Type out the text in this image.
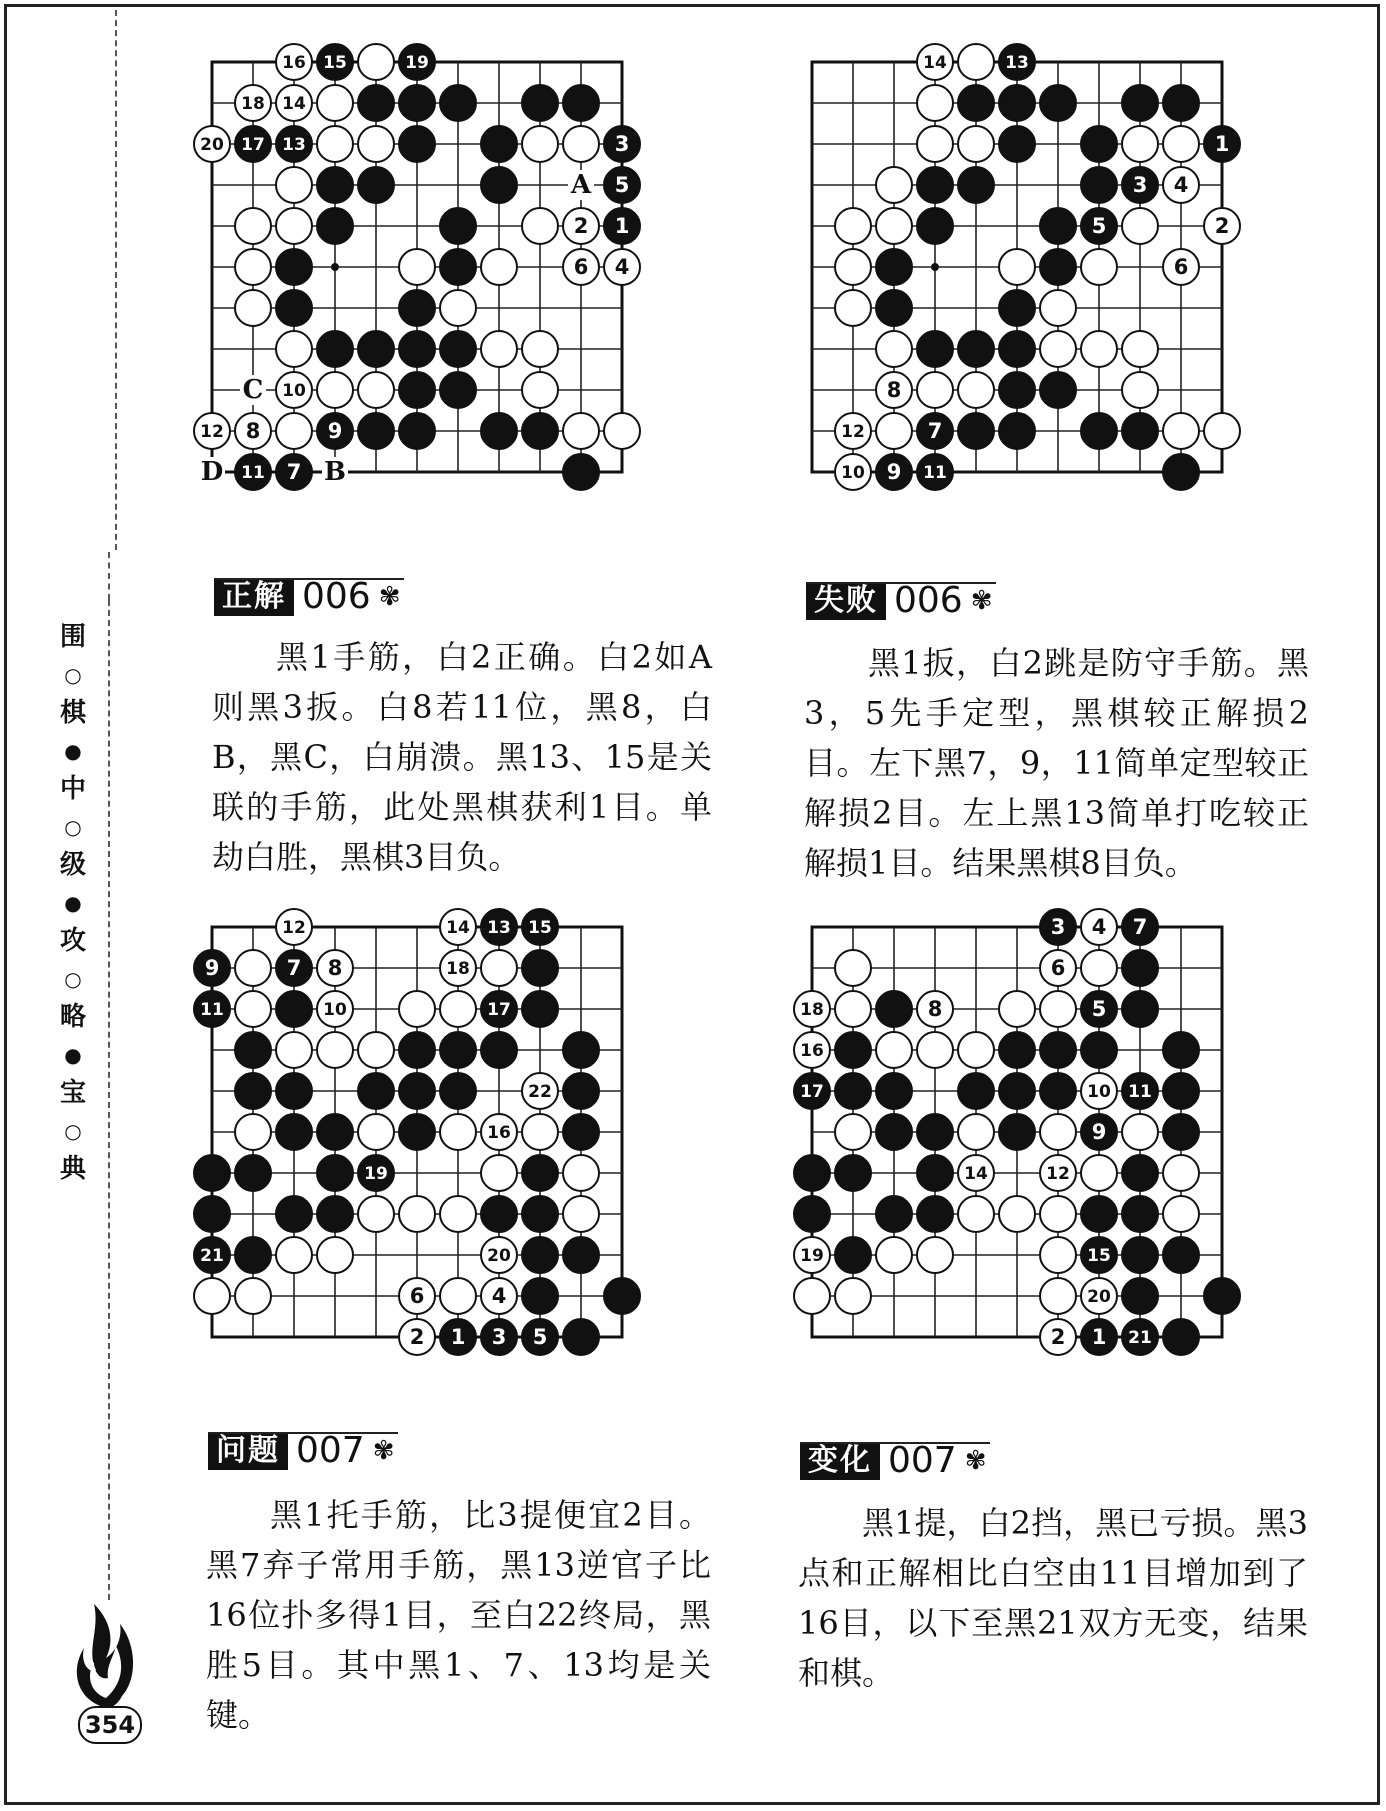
围
○
棋
●
中
○
级
●
攻
○
略
●
宝
○
典
16 15	19
18 14
20 17 13	3
5
2 1
6 4
10
12 8	9
11 7
A
C
D	B
14	13
1
3 4
5	2
6
8
12	7
10 9 11
12	14 13 15
9	7 8	18
11	10	17
22
16
19
21	20
6	4
2 1 3 5
3 4 7
6
18	8	5
16
17	10 11
9
14	12
19	15
20
2 1 21
正解 006 ✾	失败 006 ✾
问题 007 ✾	变化 007 ✾
黑1手筋，白2正确。白2如A则黑3扳。白8若11位，黑8，白B，黑C，白崩溃。黑13、15是关联的手筋，此处黑棋获利1目。单劫白胜，黑棋3目负。
黑1扳，白2跳是防守手筋。黑3，5先手定型，黑棋较正解损2目。左下黑7，9，11简单定型较正解损2目。左上黑13简单打吃较正解损1目。结果黑棋8目负。
黑1托手筋，比3提便宜2目。黑7弃子常用手筋，黑13逆官子比16位扑多得1目，至白22终局，黑胜5目。其中黑1、7、13均是关键。
黑1提，白2挡，黑已亏损。黑3点和正解相比白空由11目增加到了16目，以下至黑21双方无变，结果和棋。
354
